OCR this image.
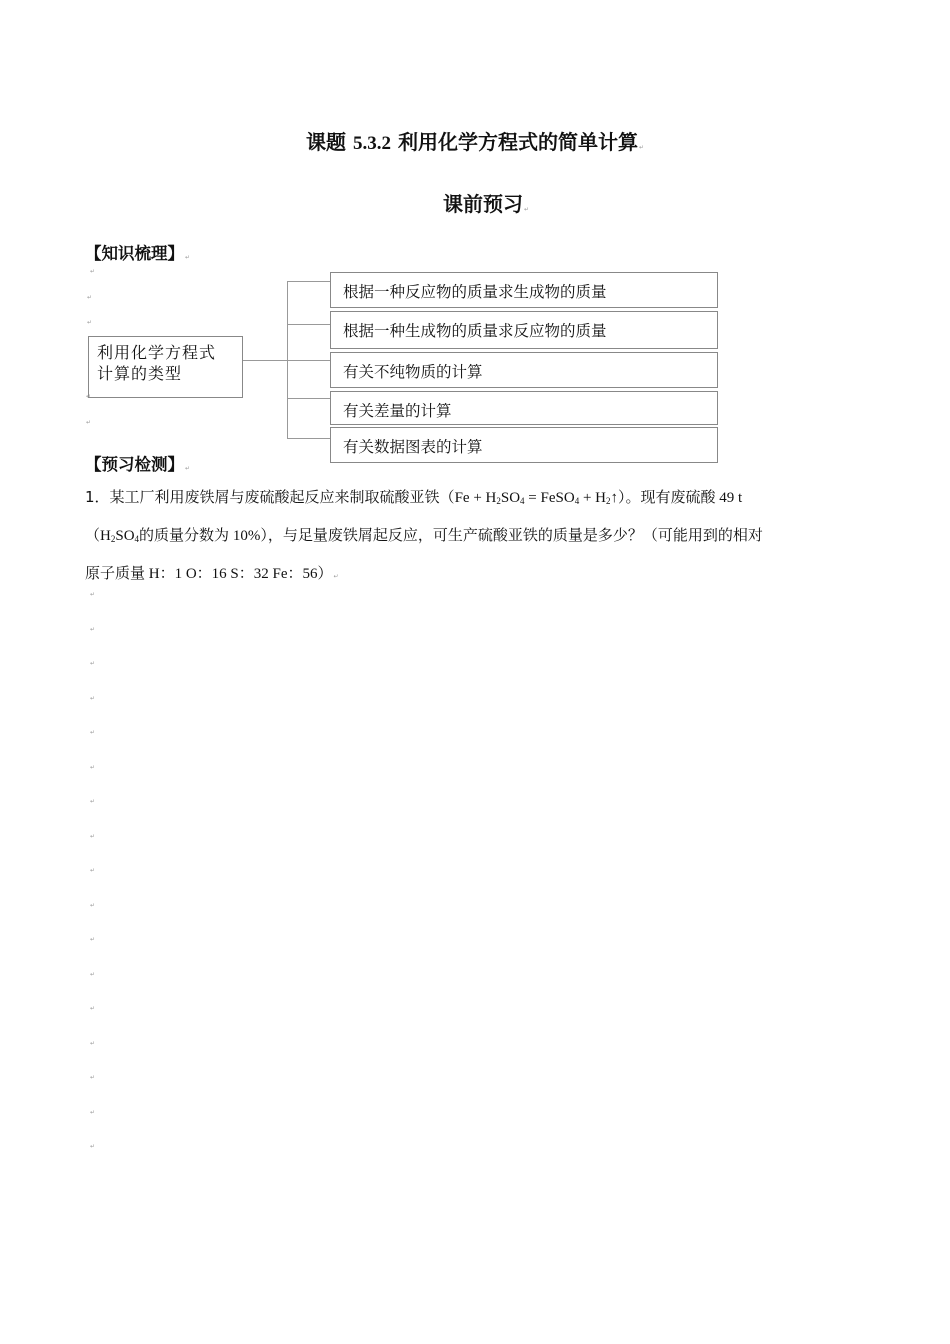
课题 5.3.2 利用化学方程式的简单计算↵
课前预习↵
【知识梳理】↵
利用化学方程式
计算的类型
根据一种反应物的质量求生成物的质量
根据一种生成物的质量求反应物的质量
有关不纯物质的计算
有关差量的计算
有关数据图表的计算
↵
↵
↵
↵
↵
【预习检测】↵
1．某工厂利用废铁屑与废硫酸起反应来制取硫酸亚铁（$Fe + H_2SO_4$ = FeSO$_4$ + $H_2↑$）。现有废硫酸 49 t
（$H_2SO_4$的质量分数为 10%），与足量废铁屑起反应，可生产硫酸亚铁的质量是多少？（可能用到的相对
原子质量 H：1 O：16 S：32 Fe：56）↵
↵
↵
↵
↵
↵
↵
↵
↵
↵
↵
↵
↵
↵
↵
↵
↵
↵
